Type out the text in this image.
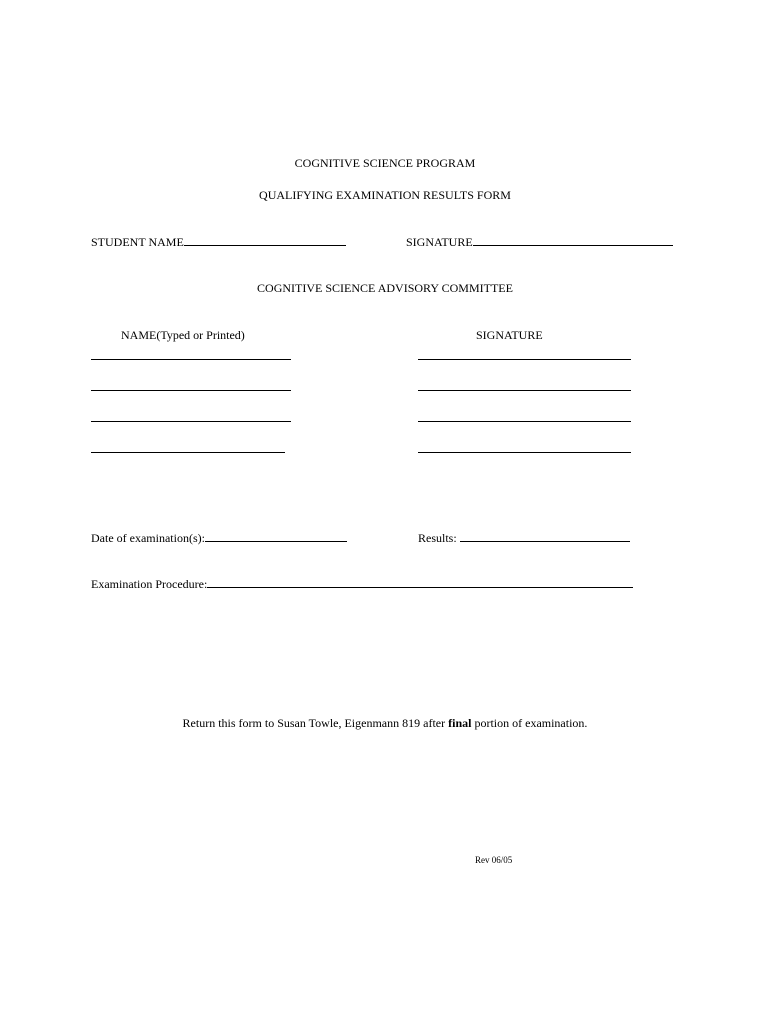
COGNITIVE SCIENCE PROGRAM
QUALIFYING EXAMINATION RESULTS FORM
STUDENT NAME	SIGNATURE
COGNITIVE SCIENCE ADVISORY COMMITTEE
NAME(Typed or Printed)	SIGNATURE
Date of examination(s):	Results:
Examination Procedure:
Return this form to Susan Towle, Eigenmann 819 after final portion of examination.
Rev 06/05
